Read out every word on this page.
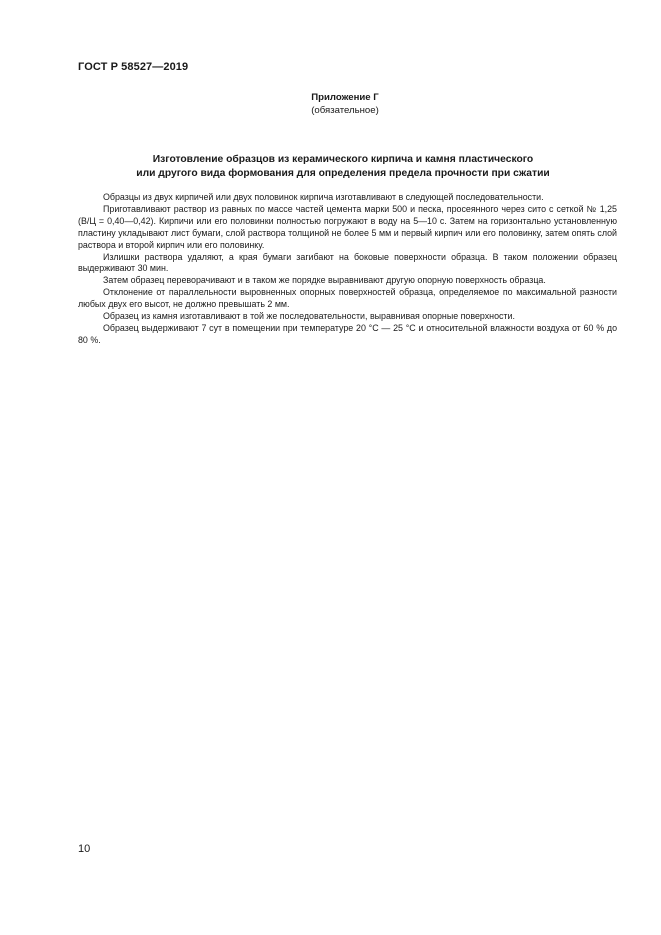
ГОСТ Р 58527—2019
Приложение Г
(обязательное)
Изготовление образцов из керамического кирпича и камня пластического
или другого вида формования для определения предела прочности при сжатии

Образцы из двух кирпичей или двух половинок кирпича изготавливают в следующей последовательности.

Приготавливают раствор из равных по массе частей цемента марки 500 и песка, просеянного через сито с сеткой № 1,25 (В/Ц = 0,40—0,42). Кирпичи или его половинки полностью погружают в воду на 5—10 с. Затем на горизонтально установленную пластину укладывают лист бумаги, слой раствора толщиной не более 5 мм и первый кирпич или его половинку, затем опять слой раствора и второй кирпич или его половинку.

Излишки раствора удаляют, а края бумаги загибают на боковые поверхности образца. В таком положении образец выдерживают 30 мин.

Затем образец переворачивают и в таком же порядке выравнивают другую опорную поверхность образца.

Отклонение от параллельности выровненных опорных поверхностей образца, определяемое по максимальной разности любых двух его высот, не должно превышать 2 мм.

Образец из камня изготавливают в той же последовательности, выравнивая опорные поверхности.

Образец выдерживают 7 сут в помещении при температуре 20 °С — 25 °С и относительной влажности воздуха от 60 % до 80 %.

10
